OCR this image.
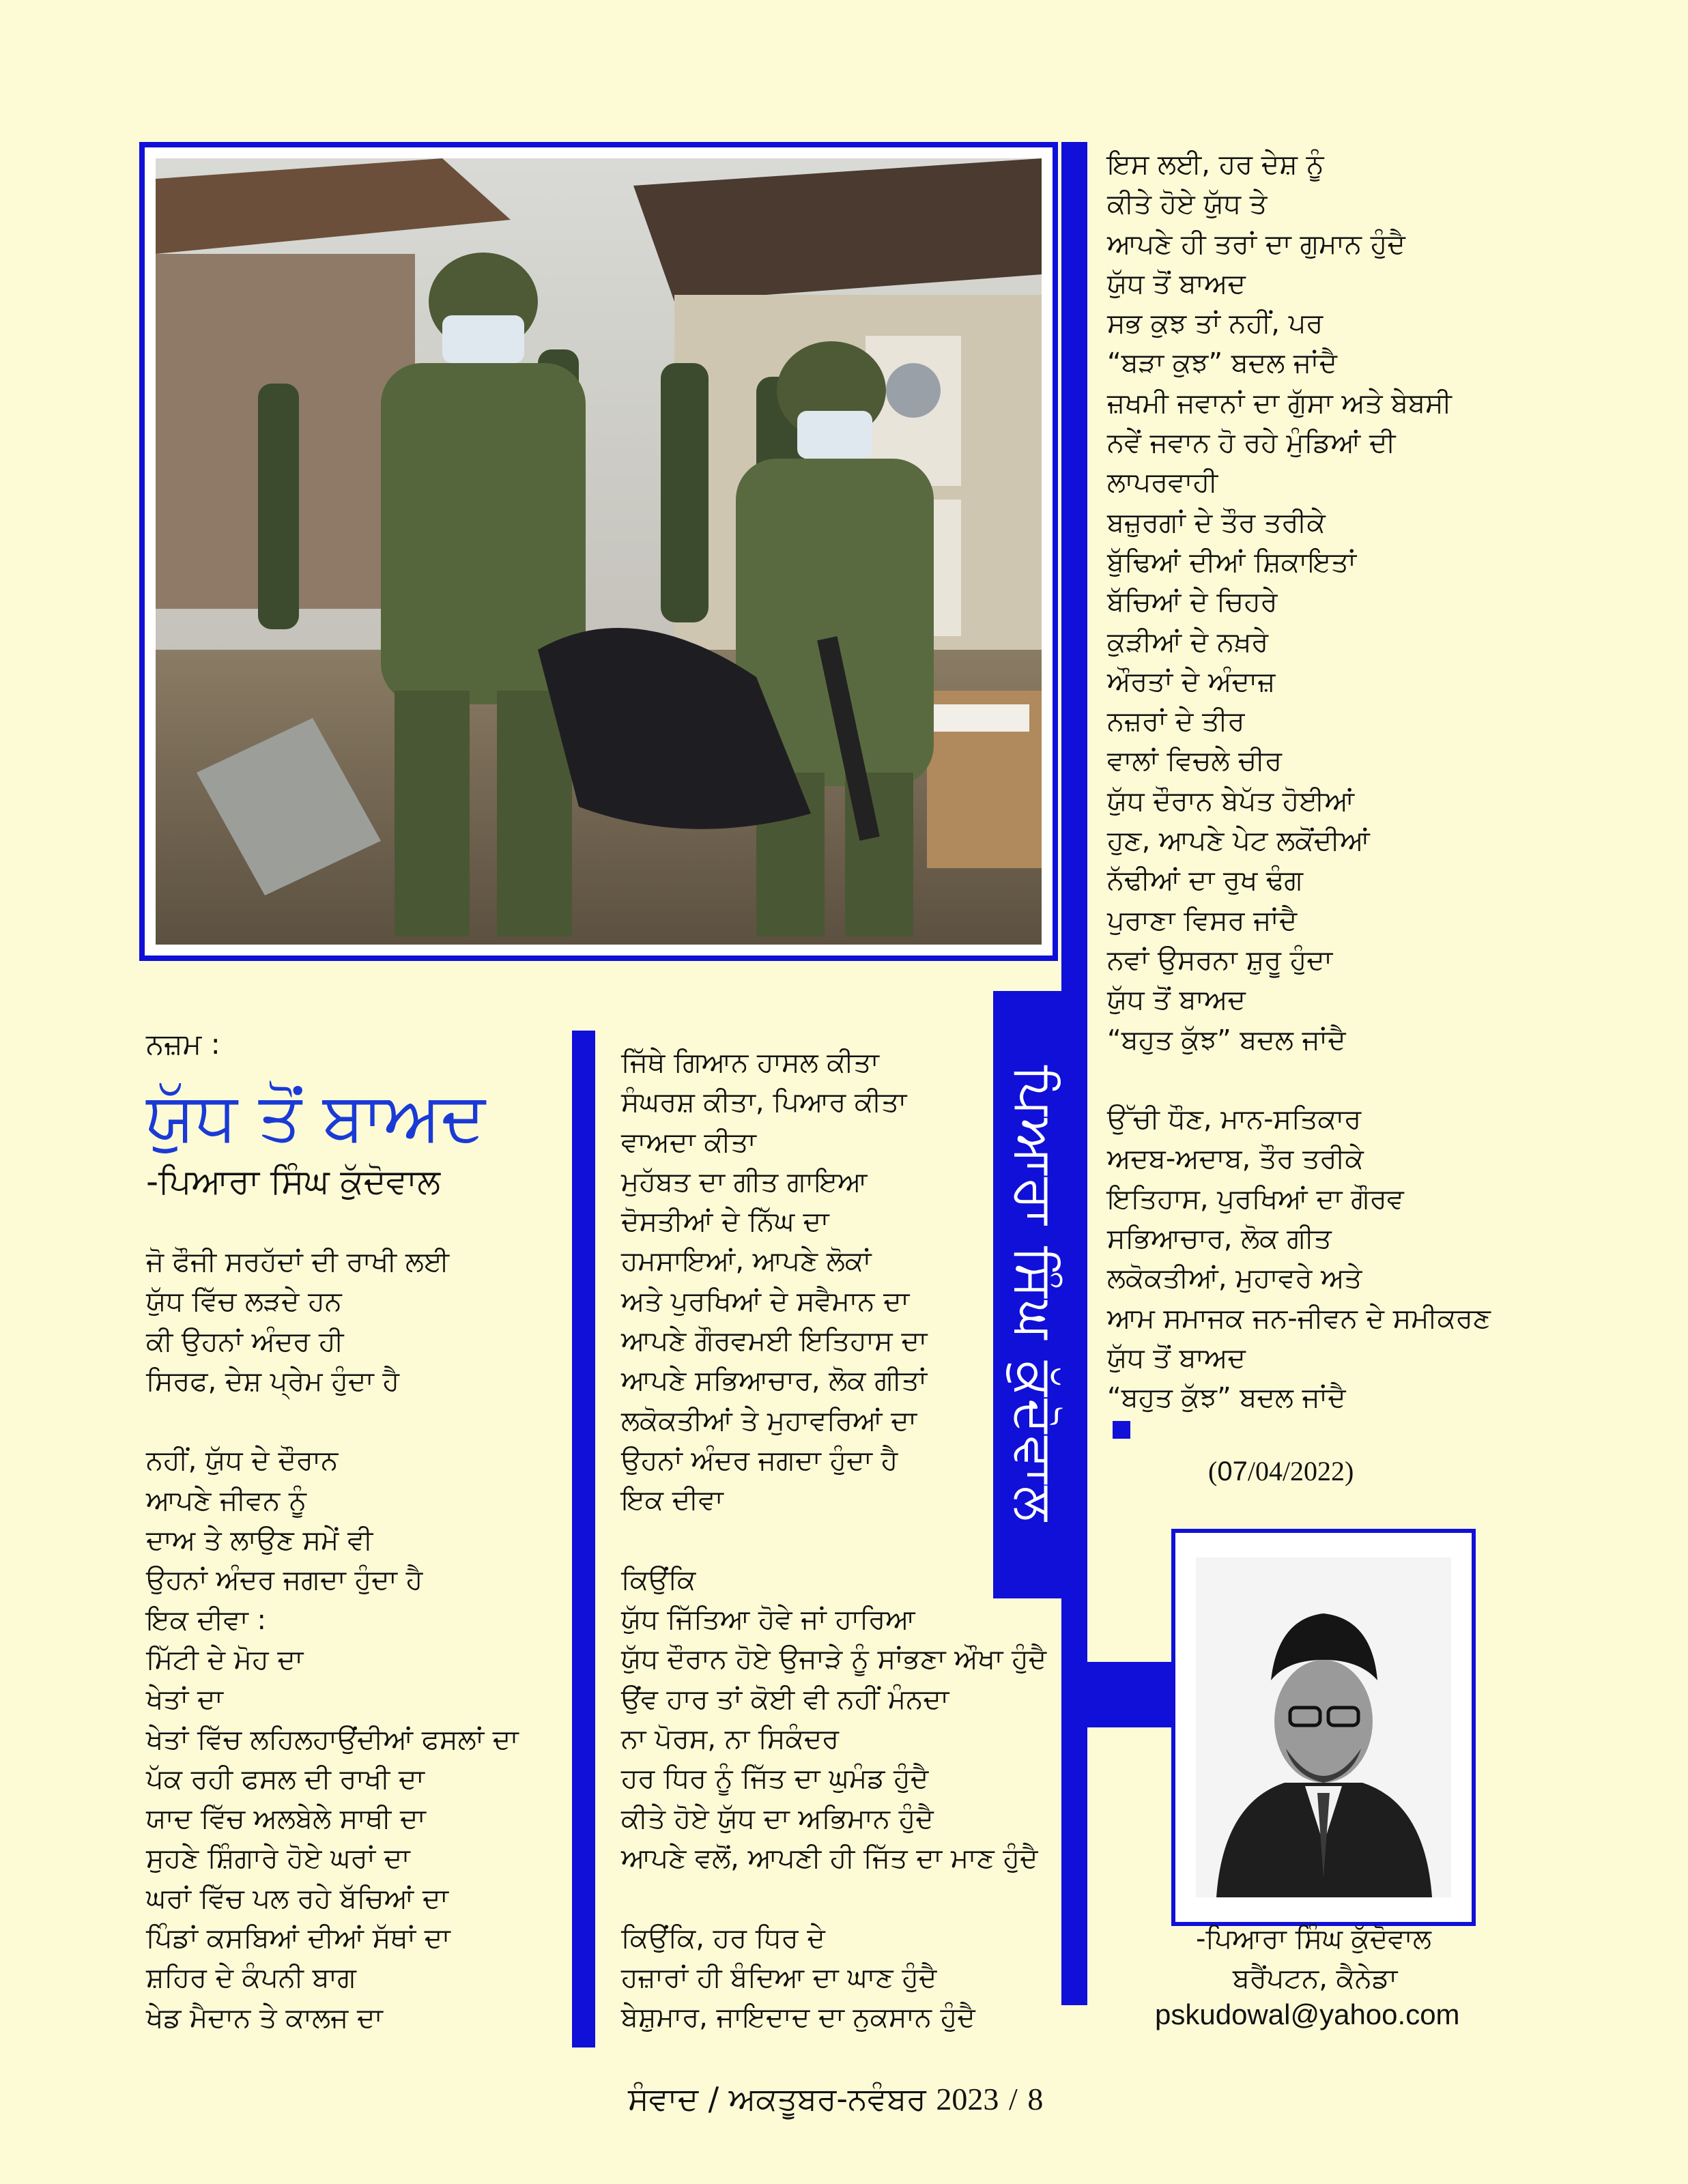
ਪਿਆਰਾ ਸਿੰਘ ਕੁੱਦੋਵਾਲ
ਨਜ਼ਮ :
ਯੁੱਧ ਤੋਂ ਬਾਅਦ
-ਪਿਆਰਾ ਸਿੰਘ ਕੁੱਦੋਵਾਲ
ਜੋ ਫੌਜੀ ਸਰਹੱਦਾਂ ਦੀ ਰਾਖੀ ਲਈ
ਯੁੱਧ ਵਿੱਚ ਲੜਦੇ ਹਨ
ਕੀ ਉਹਨਾਂ ਅੰਦਰ ਹੀ
ਸਿਰਫ, ਦੇਸ਼ ਪ੍ਰੇਮ ਹੁੰਦਾ ਹੈ
ਨਹੀਂ, ਯੁੱਧ ਦੇ ਦੌਰਾਨ
ਆਪਣੇ ਜੀਵਨ ਨੂੰ
ਦਾਅ ਤੇ ਲਾਉਣ ਸਮੇਂ ਵੀ
ਉਹਨਾਂ ਅੰਦਰ ਜਗਦਾ ਹੁੰਦਾ ਹੈ
ਇਕ ਦੀਵਾ :
ਮਿੱਟੀ ਦੇ ਮੋਹ ਦਾ
ਖੇਤਾਂ ਦਾ
ਖੇਤਾਂ ਵਿੱਚ ਲਹਿਲਹਾਉਂਦੀਆਂ ਫਸਲਾਂ ਦਾ
ਪੱਕ ਰਹੀ ਫਸਲ ਦੀ ਰਾਖੀ ਦਾ
ਯਾਦ ਵਿੱਚ ਅਲਬੇਲੇ ਸਾਥੀ ਦਾ
ਸੁਹਣੇ ਸ਼ਿੰਗਾਰੇ ਹੋਏ ਘਰਾਂ ਦਾ
ਘਰਾਂ ਵਿੱਚ ਪਲ ਰਹੇ ਬੱਚਿਆਂ ਦਾ
ਪਿੰਡਾਂ ਕਸਬਿਆਂ ਦੀਆਂ ਸੱਥਾਂ ਦਾ
ਸ਼ਹਿਰ ਦੇ ਕੰਪਨੀ ਬਾਗ
ਖੇਡ ਮੈਦਾਨ ਤੇ ਕਾਲਜ ਦਾ
ਜਿੱਥੇ ਗਿਆਨ ਹਾਸਲ ਕੀਤਾ
ਸੰਘਰਸ਼ ਕੀਤਾ, ਪਿਆਰ ਕੀਤਾ
ਵਾਅਦਾ ਕੀਤਾ
ਮੁਹੱਬਤ ਦਾ ਗੀਤ ਗਾਇਆ
ਦੋਸਤੀਆਂ ਦੇ ਨਿੱਘ ਦਾ
ਹਮਸਾਇਆਂ, ਆਪਣੇ ਲੋਕਾਂ
ਅਤੇ ਪੁਰਖਿਆਂ ਦੇ ਸਵੈਮਾਨ ਦਾ
ਆਪਣੇ ਗੌਰਵਮਈ ਇਤਿਹਾਸ ਦਾ
ਆਪਣੇ ਸਭਿਆਚਾਰ, ਲੋਕ ਗੀਤਾਂ
ਲਕੋਕਤੀਆਂ ਤੇ ਮੁਹਾਵਰਿਆਂ ਦਾ
ਉਹਨਾਂ ਅੰਦਰ ਜਗਦਾ ਹੁੰਦਾ ਹੈ
ਇਕ ਦੀਵਾ
ਕਿਉਂਕਿ
ਯੁੱਧ ਜਿੱਤਿਆ ਹੋਵੇ ਜਾਂ ਹਾਰਿਆ
ਯੁੱਧ ਦੌਰਾਨ ਹੋਏ ਉਜਾੜੇ ਨੂੰ ਸਾਂਭਣਾ ਔਖਾ ਹੁੰਦੈ
ਉਂਵ ਹਾਰ ਤਾਂ ਕੋਈ ਵੀ ਨਹੀਂ ਮੰਨਦਾ
ਨਾ ਪੋਰਸ, ਨਾ ਸਿਕੰਦਰ
ਹਰ ਧਿਰ ਨੂੰ ਜਿੱਤ ਦਾ ਘੁਮੰਡ ਹੁੰਦੈ
ਕੀਤੇ ਹੋਏ ਯੁੱਧ ਦਾ ਅਭਿਮਾਨ ਹੁੰਦੈ
ਆਪਣੇ ਵਲੋਂ, ਆਪਣੀ ਹੀ ਜਿੱਤ ਦਾ ਮਾਣ ਹੁੰਦੈ
ਕਿਉਂਕਿ, ਹਰ ਧਿਰ ਦੇ
ਹਜ਼ਾਰਾਂ ਹੀ ਬੰਦਿਆ ਦਾ ਘਾਣ ਹੁੰਦੈ
ਬੇਸ਼ੁਮਾਰ, ਜਾਇਦਾਦ ਦਾ ਨੁਕਸਾਨ ਹੁੰਦੈ
ਇਸ ਲਈ, ਹਰ ਦੇਸ਼ ਨੂੰ
ਕੀਤੇ ਹੋਏ ਯੁੱਧ ਤੇ
ਆਪਣੇ ਹੀ ਤਰਾਂ ਦਾ ਗੁਮਾਨ ਹੁੰਦੈ
ਯੁੱਧ ਤੋਂ ਬਾਅਦ
ਸਭ ਕੁਝ ਤਾਂ ਨਹੀਂ, ਪਰ
“ਬੜਾ ਕੁਝ” ਬਦਲ ਜਾਂਦੈ
ਜ਼ਖਮੀ ਜਵਾਨਾਂ ਦਾ ਗੁੱਸਾ ਅਤੇ ਬੇਬਸੀ
ਨਵੇਂ ਜਵਾਨ ਹੋ ਰਹੇ ਮੁੰਡਿਆਂ ਦੀ
ਲਾਪਰਵਾਹੀ
ਬਜ਼ੁਰਗਾਂ ਦੇ ਤੌਰ ਤਰੀਕੇ
ਬੁੱਢਿਆਂ ਦੀਆਂ ਸ਼ਿਕਾਇਤਾਂ
ਬੱਚਿਆਂ ਦੇ ਚਿਹਰੇ
ਕੁੜੀਆਂ ਦੇ ਨਖ਼ਰੇ
ਔਰਤਾਂ ਦੇ ਅੰਦਾਜ਼
ਨਜ਼ਰਾਂ ਦੇ ਤੀਰ
ਵਾਲਾਂ ਵਿਚਲੇ ਚੀਰ
ਯੁੱਧ ਦੌਰਾਨ ਬੇਪੱਤ ਹੋਈਆਂ
ਹੁਣ, ਆਪਣੇ ਪੇਟ ਲਕੋਂਦੀਆਂ
ਨੱਢੀਆਂ ਦਾ ਰੁਖ ਢੰਗ
ਪੁਰਾਣਾ ਵਿਸਰ ਜਾਂਦੈ
ਨਵਾਂ ਉਸਰਨਾ ਸ਼ੁਰੂ ਹੁੰਦਾ
ਯੁੱਧ ਤੋਂ ਬਾਅਦ
“ਬਹੁਤ ਕੁੱਝ” ਬਦਲ ਜਾਂਦੈ
ਉੱਚੀ ਧੌਣ, ਮਾਨ-ਸਤਿਕਾਰ
ਅਦਬ-ਅਦਾਬ, ਤੌਰ ਤਰੀਕੇ
ਇਤਿਹਾਸ, ਪੁਰਖਿਆਂ ਦਾ ਗੌਰਵ
ਸਭਿਆਚਾਰ, ਲੋਕ ਗੀਤ
ਲਕੋਕਤੀਆਂ, ਮੁਹਾਵਰੇ ਅਤੇ
ਆਮ ਸਮਾਜਕ ਜਨ-ਜੀਵਨ ਦੇ ਸਮੀਕਰਣ
ਯੁੱਧ ਤੋਂ ਬਾਅਦ
“ਬਹੁਤ ਕੁੱਝ” ਬਦਲ ਜਾਂਦੈ
(07/04/2022)
-ਪਿਆਰਾ ਸਿੰਘ ਕੁੱਦੋਵਾਲ
ਬਰੈਂਪਟਨ, ਕੈਨੇਡਾ
pskudowal@yahoo.com
ਸੰਵਾਦ / ਅਕਤੂਬਰ-ਨਵੰਬਰ 2023 / 8
